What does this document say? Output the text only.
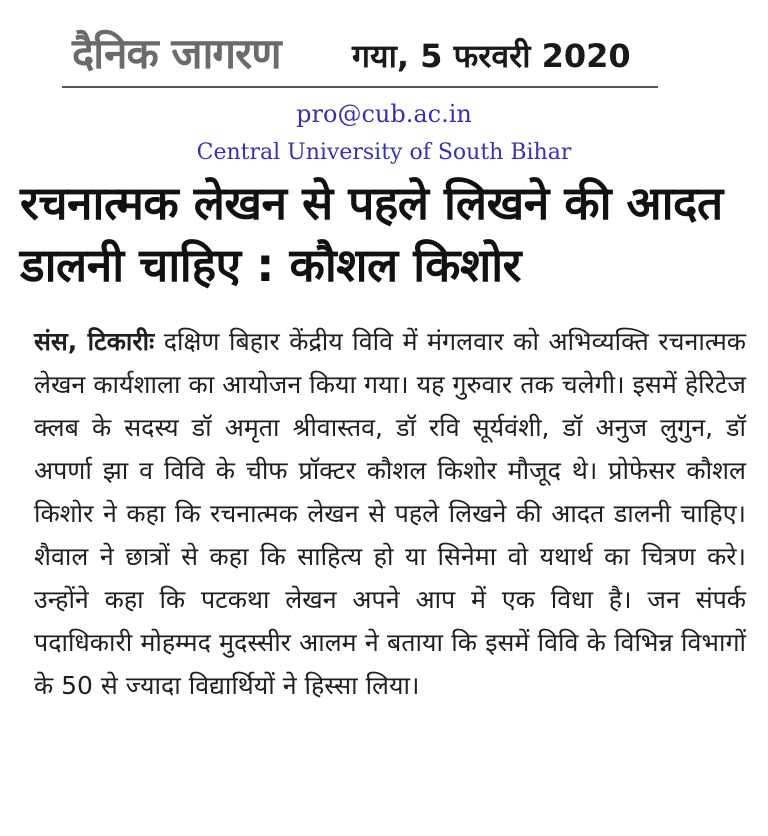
दैनिक जागरण गया, 5 फरवरी 2020
pro@cub.ac.in
Central University of South Bihar
रचनात्मक लेखन से पहले लिखने की आदत डालनी चाहिए : कौशल किशोर
संस, टिकारीः दक्षिण बिहार केंद्रीय विवि में मंगलवार को अभिव्यक्ति रचनात्मक लेखन कार्यशाला का आयोजन किया गया। यह गुरुवार तक चलेगी। इसमें हेरिटेज क्लब के सदस्य डॉ अमृता श्रीवास्तव, डॉ रवि सूर्यवंशी, डॉ अनुज लुगुन, डॉ अपर्णा झा व विवि के चीफ प्रॉक्टर कौशल किशोर मौजूद थे। प्रोफेसर कौशल किशोर ने कहा कि रचनात्मक लेखन से पहले लिखने की आदत डालनी चाहिए। शैवाल ने छात्रों से कहा कि साहित्य हो या सिनेमा वो यथार्थ का चित्रण करे। उन्होंने कहा कि पटकथा लेखन अपने आप में एक विधा है। जन संपर्क पदाधिकारी मोहम्मद मुदस्सीर आलम ने बताया कि इसमें विवि के विभिन्न विभागों के 50 से ज्यादा विद्यार्थियों ने हिस्सा लिया।
